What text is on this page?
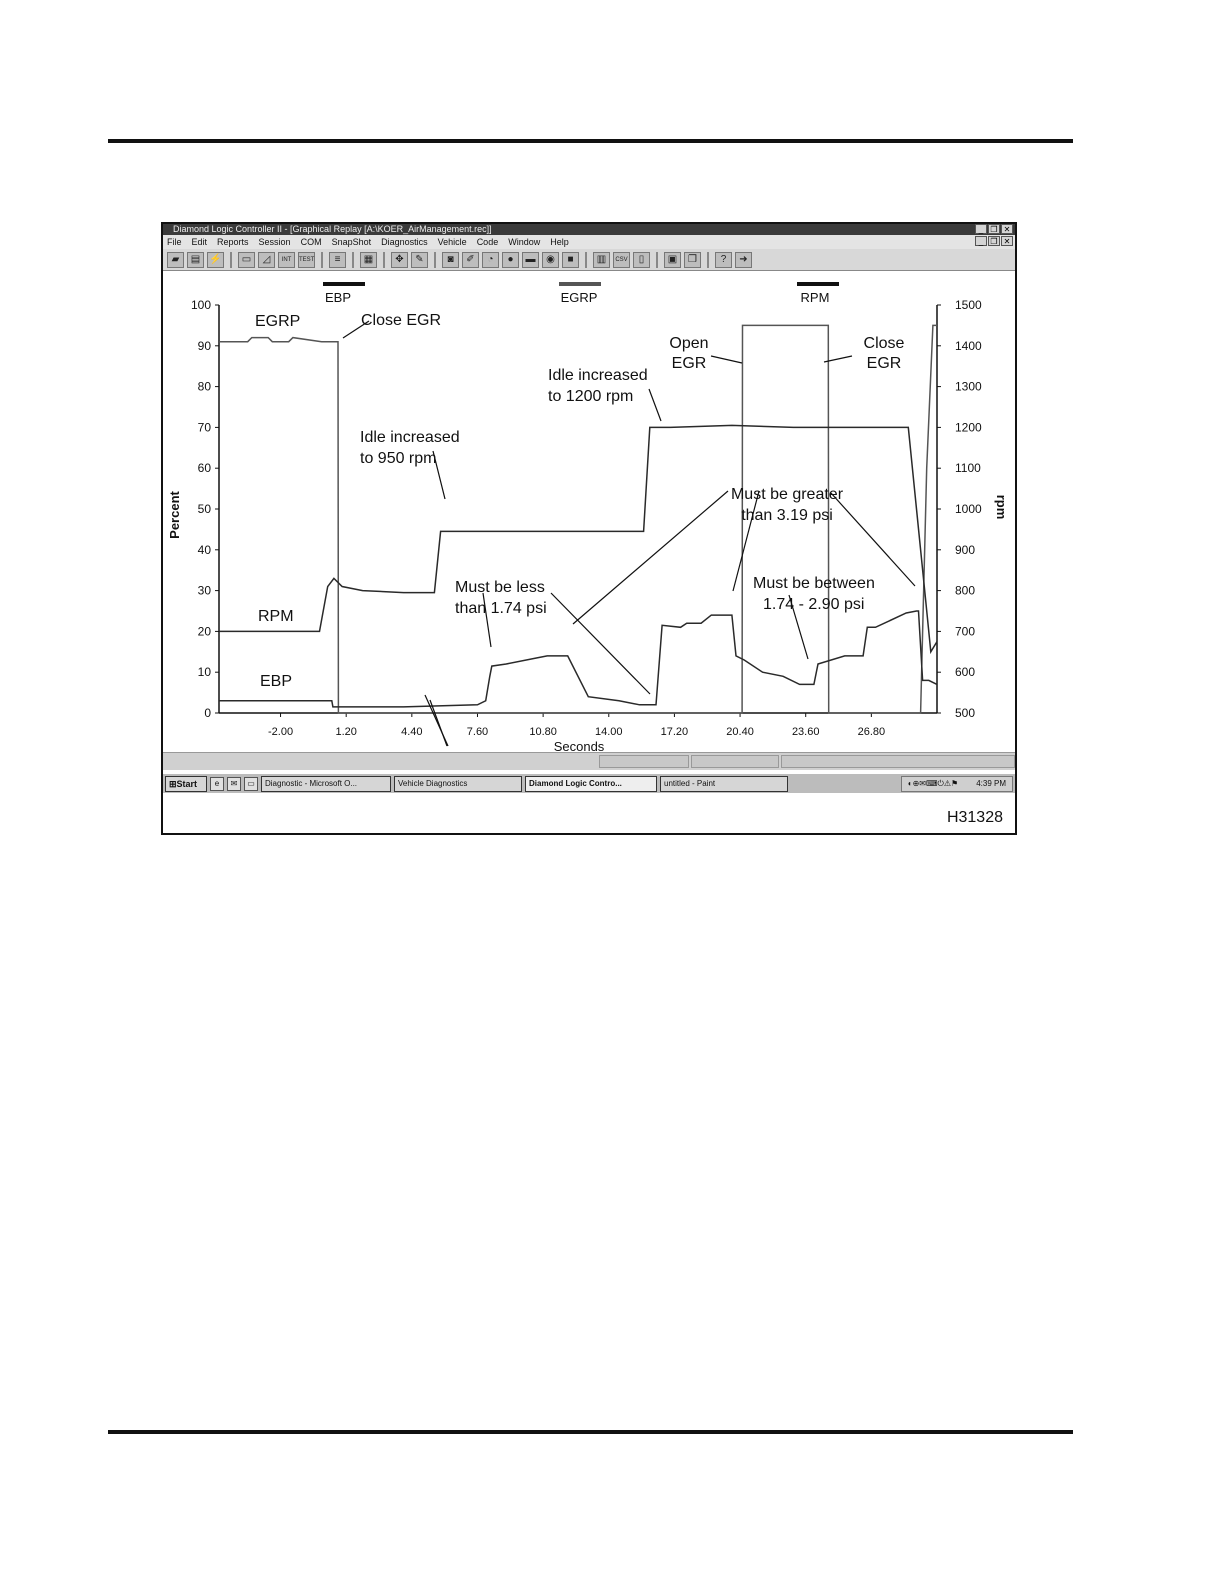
Diamond Logic Controller II - [Graphical Replay [A:\KOER_AirManagement.rec]]	_ ❐ ✕
File Edit Reports Session COM SnapShot Diagnostics Vehicle Code Window Help	_ ❐ ✕
▰	▤ ⚡	▭	◿	INT	TEST	≡	▦	✥	✎	◙	✐	◔	●	▬	◉	■	▥	CSV	▯	▣	❐	?	➜
EBP	EGRP	RPM
Percent	rpm
Seconds
0
10
20
30
40
50
60
70
80
90
100
500
600
700
800
900
1000
1100
1200
1300
1400
1500
-2.00	1.20	4.40	7.60	10.80	14.00	17.20	20.40	23.60	26.80
EGRP	Close EGR
Open
EGR
Close
EGR
Idle increased
to 1200 rpm
Idle increased
to 950 rpm
Must be greater
than 3.19 psi
Must be less
than 1.74 psi
Must be between
1.74 - 2.90 psi
RPM
EBP
⊞Start	e	✉	▭	Diagnostic - Microsoft O...	Vehicle Diagnostics	Diamond Logic Contro...	untitled - Paint	◐⊕✉⌨⏻⚠⚑ 4:39 PM
H31328
